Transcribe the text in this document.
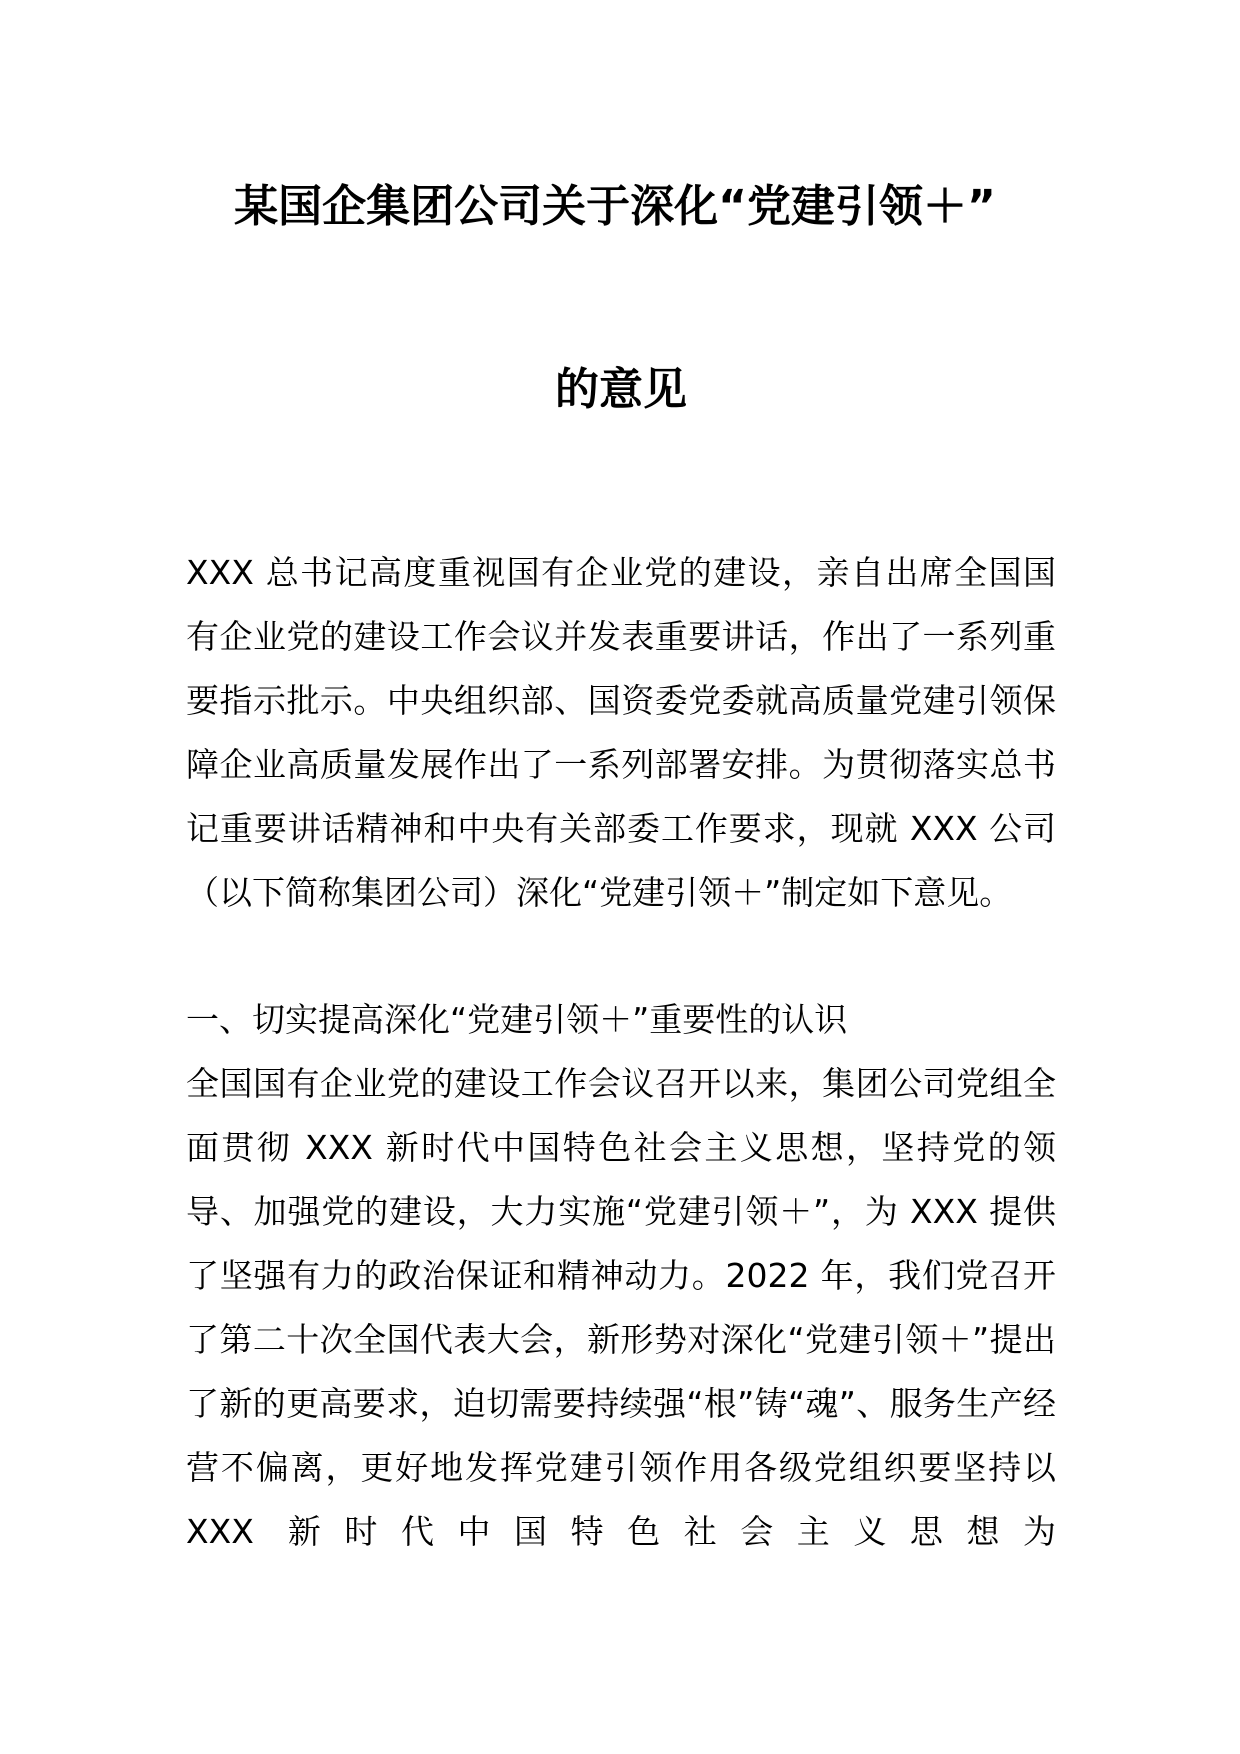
某国企集团公司关于深化“党建引领＋”
的意见
XXX 总书记高度重视国有企业党的建设，亲自出席全国国有企业党的建设工作会议并发表重要讲话，作出了一系列重要指示批示。中央组织部、国资委党委就高质量党建引领保障企业高质量发展作出了一系列部署安排。为贯彻落实总书记重要讲话精神和中央有关部委工作要求，现就 XXX 公司（以下简称集团公司）深化“党建引领＋”制定如下意见。
一、切实提高深化“党建引领＋”重要性的认识
全国国有企业党的建设工作会议召开以来，集团公司党组全面贯彻 XXX 新时代中国特色社会主义思想，坚持党的领导、加强党的建设，大力实施“党建引领＋”，为 XXX 提供了坚强有力的政治保证和精神动力。2022 年，我们党召开了第二十次全国代表大会，新形势对深化“党建引领＋”提出了新的更高要求，迫切需要持续强“根”铸“魂”、服务生产经营不偏离，更好地发挥党建引领作用各级党组织要坚持以 XXX 新时代中国特色社会主义思想为
